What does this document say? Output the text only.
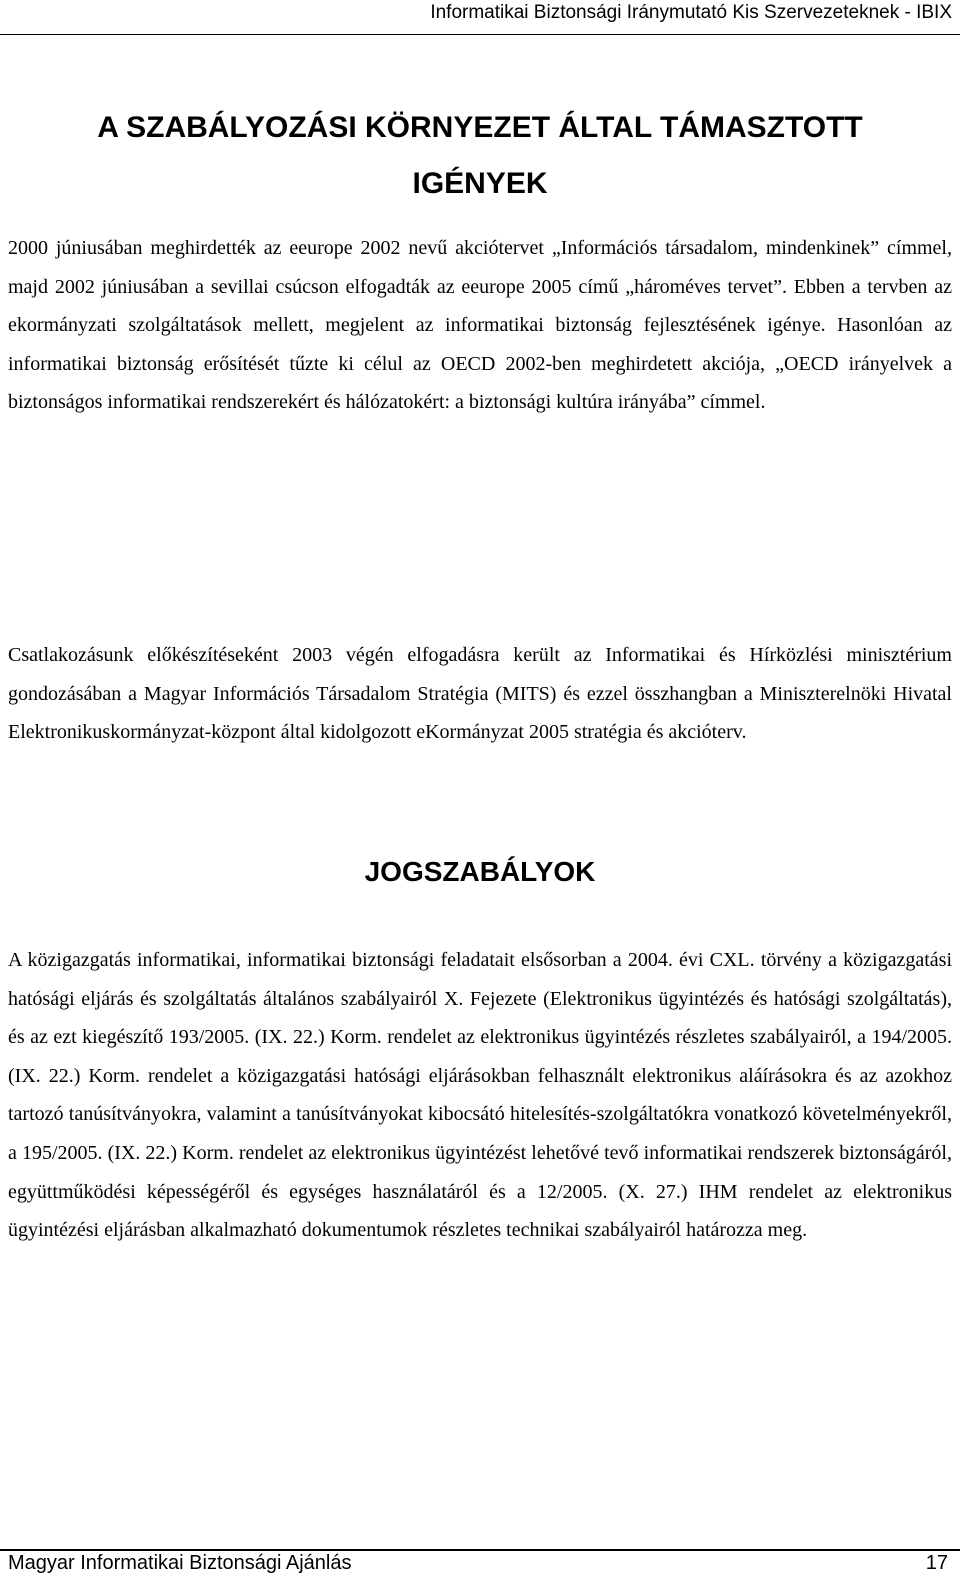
Informatikai Biztonsági Iránymutató Kis Szervezeteknek - IBIX
A SZABÁLYOZÁSI KÖRNYEZET ÁLTAL TÁMASZTOTT IGÉNYEK

2000 júniusában meghirdették az eeurope 2002 nevű akciótervet „Információs társadalom, mindenkinek” címmel, majd 2002 júniusában a sevillai csúcson elfogadták az eeurope 2005 című „hároméves tervet”. Ebben a tervben az ekormányzati szolgáltatások mellett, megjelent az informatikai biztonság fejlesztésének igénye. Hasonlóan az informatikai biztonság erősítését tűzte ki célul az OECD 2002-ben meghirdetett akciója, „OECD irányelvek a biztonságos informatikai rendszerekért és hálózatokért: a biztonsági kultúra irányába” címmel.

Csatlakozásunk előkészítéseként 2003 végén elfogadásra került az Informatikai és Hírközlési minisztérium gondozásában a Magyar Információs Társadalom Stratégia (MITS) és ezzel összhangban a Miniszterelnöki Hivatal Elektronikuskormányzat-központ által kidolgozott eKormányzat 2005 stratégia és akcióterv.

JOGSZABÁLYOK

A közigazgatás informatikai, informatikai biztonsági feladatait elsősorban a 2004. évi CXL. törvény a közigazgatási hatósági eljárás és szolgáltatás általános szabályairól X. Fejezete (Elektronikus ügyintézés és hatósági szolgáltatás), és az ezt kiegészítő 193/2005. (IX. 22.) Korm. rendelet az elektronikus ügyintézés részletes szabályairól, a 194/2005. (IX. 22.) Korm. rendelet a közigazgatási hatósági eljárásokban felhasznált elektronikus aláírásokra és az azokhoz tartozó tanúsítványokra, valamint a tanúsítványokat kibocsátó hitelesítés-szolgáltatókra vonatkozó követelményekről, a 195/2005. (IX. 22.) Korm. rendelet az elektronikus ügyintézést lehetővé tevő informatikai rendszerek biztonságáról, együttműködési képességéről és egységes használatáról és a 12/2005. (X. 27.) IHM rendelet az elektronikus ügyintézési eljárásban alkalmazható dokumentumok részletes technikai szabályairól határozza meg.

Magyar Informatikai Biztonsági Ajánlás	17
